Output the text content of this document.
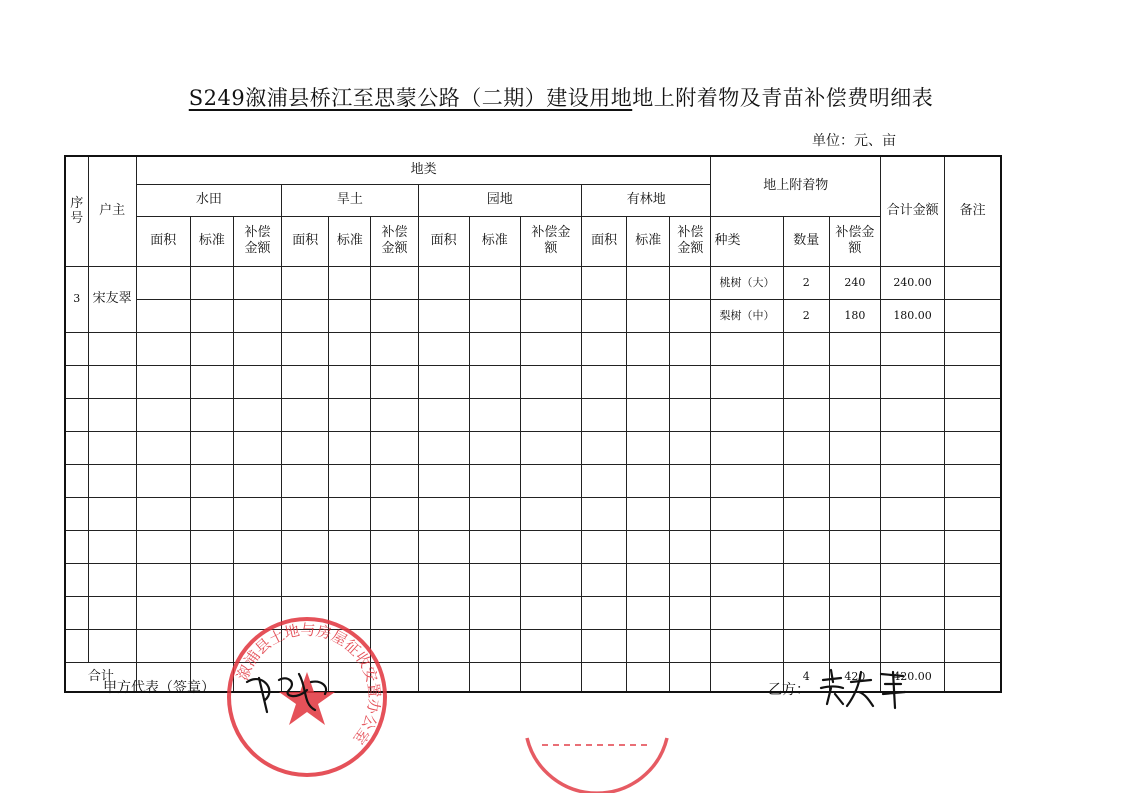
S249溆浦县桥江至思蒙公路（二期）建设用地地上附着物及青苗补偿费明细表
单位：元、亩
序号	户主	地类												地上附着物			合计金额	备注
		水田			旱土			园地			有林地							
		面积	标准	补偿金额	面积	标准	补偿金额	面积	标准	补偿金额	面积	标准	补偿金额	种类	数量	补偿金额		

3	宋友翠													桃树（大）	2	240	240.00	
														梨树（中）	2	180	180.00	

合计															4	420	420.00	
甲方代表（签章）	乙方：
溆浦县土地与房屋征收安置办公室
